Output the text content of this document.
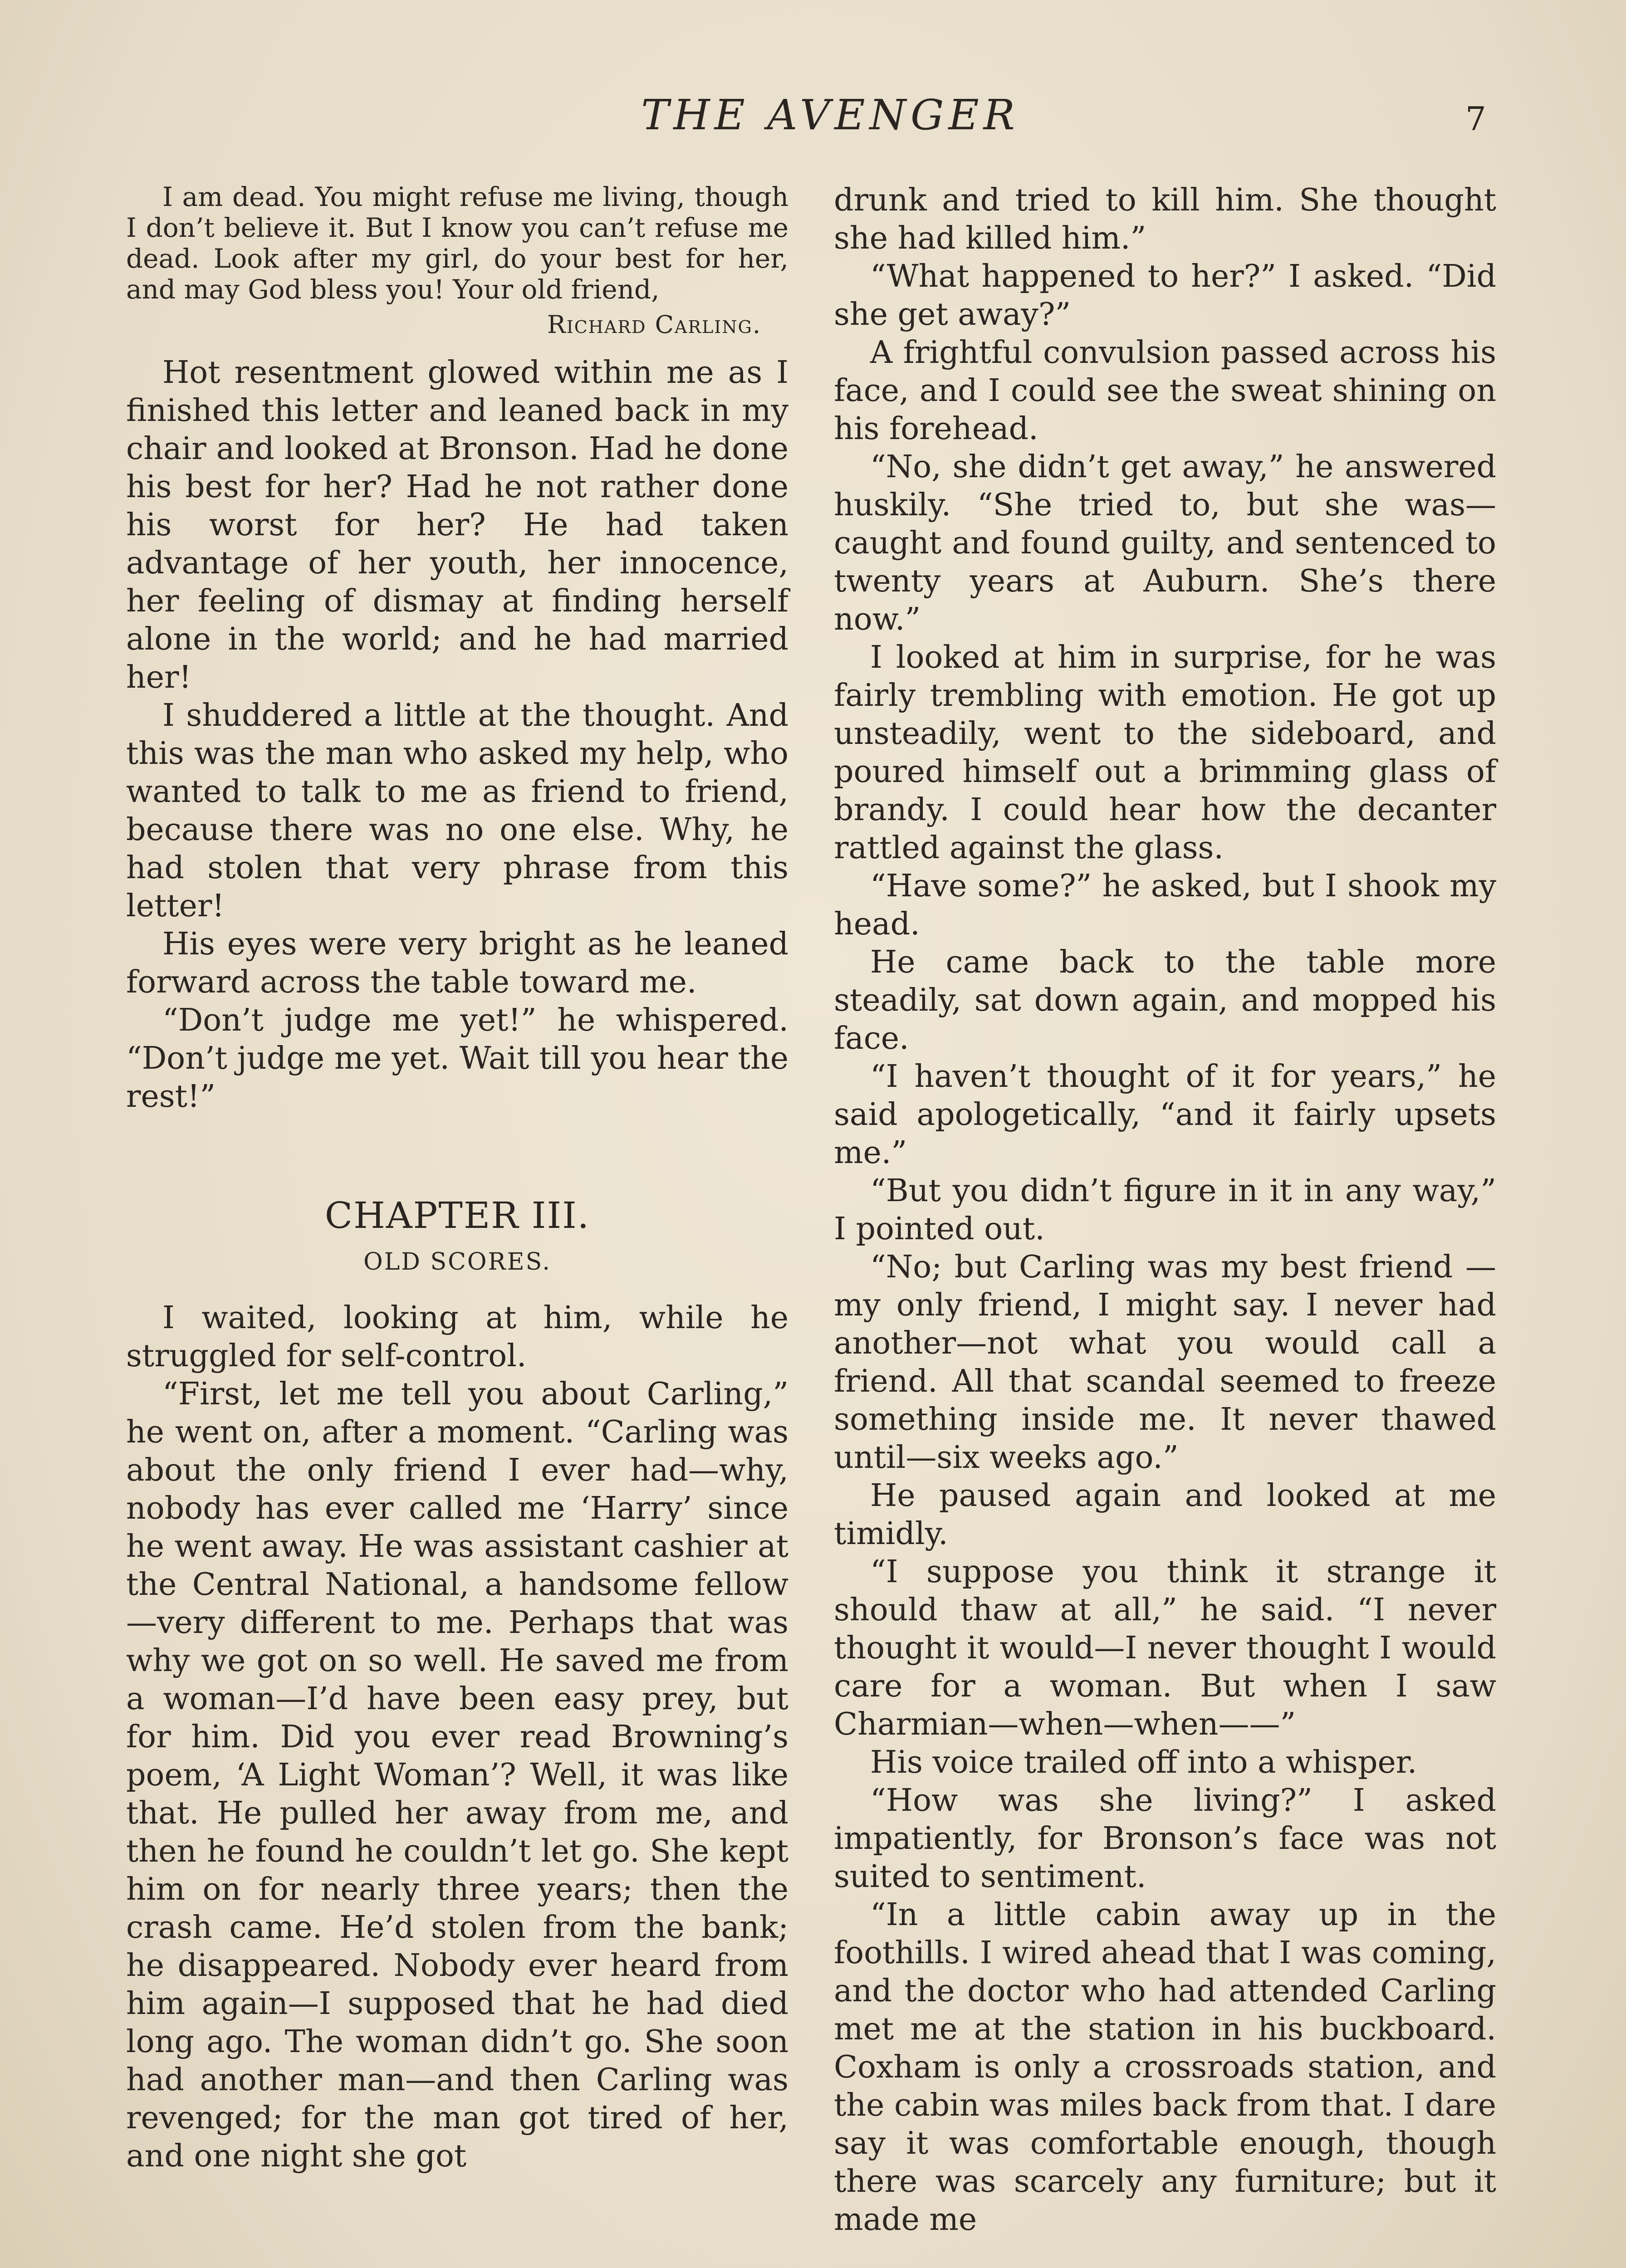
THE AVENGER	7

I am dead. You might refuse me living, though I don’t believe it. But I know you can’t refuse me dead. Look after my girl, do your best for her, and may God bless you! Your old friend,

Richard Carling.

Hot resentment glowed within me as I finished this letter and leaned back in my chair and looked at Bronson. Had he done his best for her? Had he not rather done his worst for her? He had taken advantage of her youth, her innocence, her feeling of dismay at finding herself alone in the world; and he had married her!

I shuddered a little at the thought. And this was the man who asked my help, who wanted to talk to me as friend to friend, because there was no one else. Why, he had stolen that very phrase from this letter!

His eyes were very bright as he leaned forward across the table toward me.

“Don’t judge me yet!” he whispered. “Don’t judge me yet. Wait till you hear the rest!”

CHAPTER III.
OLD SCORES.

I waited, looking at him, while he struggled for self-control.

“First, let me tell you about Carling,” he went on, after a moment. “Carling was about the only friend I ever had—why, nobody has ever called me ‘Harry’ since he went away. He was assistant cashier at the Central National, a handsome fellow—very different to me. Perhaps that was why we got on so well. He saved me from a woman—I’d have been easy prey, but for him. Did you ever read Browning’s poem, ‘A Light Woman’? Well, it was like that. He pulled her away from me, and then he found he couldn’t let go. She kept him on for nearly three years; then the crash came. He’d stolen from the bank; he disappeared. Nobody ever heard from him again—I supposed that he had died long ago. The woman didn’t go. She soon had another man—and then Carling was revenged; for the man got tired of her, and one night she got

drunk and tried to kill him. She thought she had killed him.”

“What happened to her?” I asked. “Did she get away?”

A frightful convulsion passed across his face, and I could see the sweat shining on his forehead.

“No, she didn’t get away,” he answered huskily. “She tried to, but she was—caught and found guilty, and sentenced to twenty years at Auburn. She’s there now.”

I looked at him in surprise, for he was fairly trembling with emotion. He got up unsteadily, went to the sideboard, and poured himself out a brimming glass of brandy. I could hear how the decanter rattled against the glass.

“Have some?” he asked, but I shook my head.

He came back to the table more steadily, sat down again, and mopped his face.

“I haven’t thought of it for years,” he said apologetically, “and it fairly upsets me.”

“But you didn’t figure in it in any way,” I pointed out.

“No; but Carling was my best friend —my only friend, I might say. I never had another—not what you would call a friend. All that scandal seemed to freeze something inside me. It never thawed until—six weeks ago.”

He paused again and looked at me timidly.

“I suppose you think it strange it should thaw at all,” he said. “I never thought it would—I never thought I would care for a woman. But when I saw Charmian—when—when——”

His voice trailed off into a whisper.

“How was she living?” I asked impatiently, for Bronson’s face was not suited to sentiment.

“In a little cabin away up in the foothills. I wired ahead that I was coming, and the doctor who had attended Carling met me at the station in his buckboard. Coxham is only a crossroads station, and the cabin was miles back from that. I dare say it was comfortable enough, though there was scarcely any furniture; but it made me
